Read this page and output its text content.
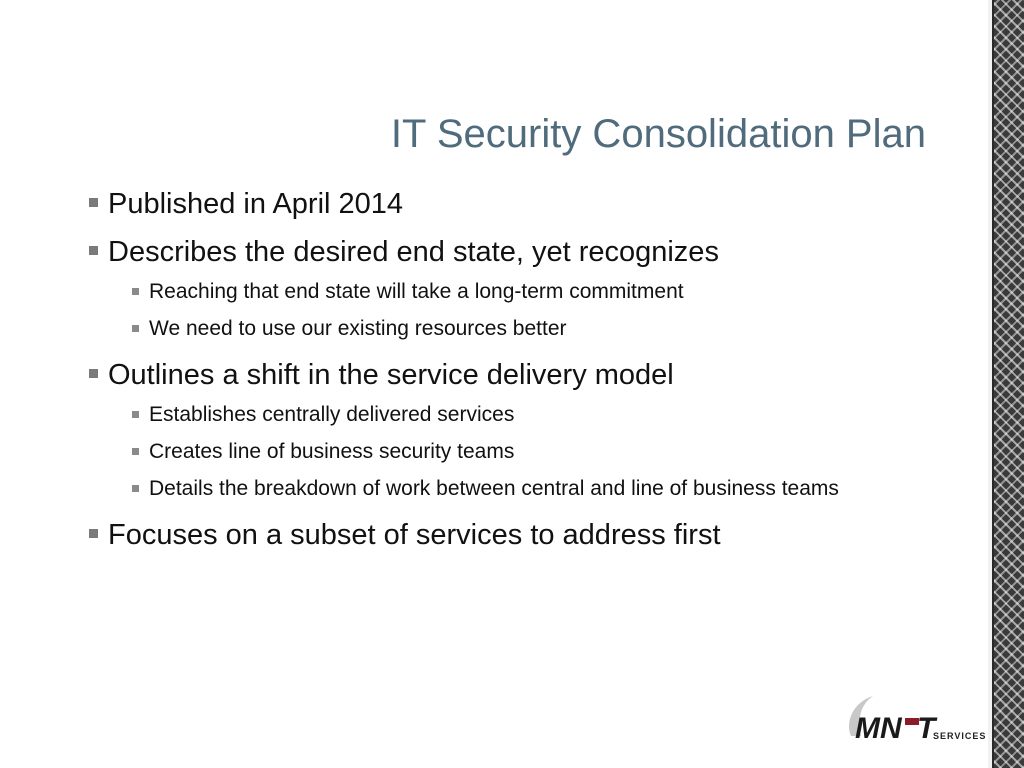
IT Security Consolidation Plan
Published in April 2014
Describes the desired end state, yet recognizes
Reaching that end state will take a long-term commitment
We need to use our existing resources better
Outlines a shift in the service delivery model
Establishes centrally delivered services
Creates line of business security teams
Details the breakdown of work between central and line of business teams
Focuses on a subset of services to address first
MN T
SERVICES
